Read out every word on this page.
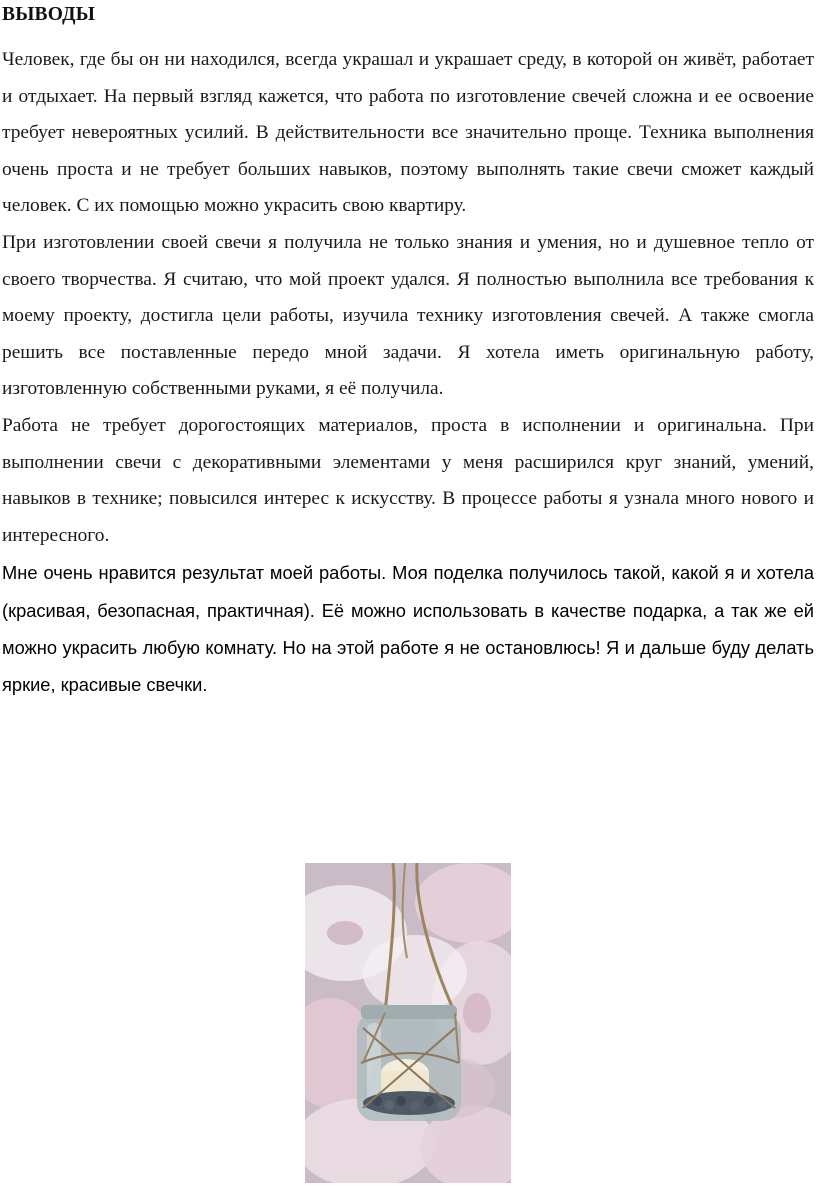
ВЫВОДЫ

Человек, где бы он ни находился, всегда украшал и украшает среду, в которой он живёт, работает и отдыхает. На первый взгляд кажется, что работа по изготовление свечей сложна и ее освоение требует невероятных усилий. В действительности все значительно проще. Техника выполнения очень проста и не требует больших навыков, поэтому выполнять такие свечи сможет каждый человек. С их помощью можно украсить свою квартиру.

При изготовлении своей свечи я получила не только знания и умения, но и душевное тепло от своего творчества. Я считаю, что мой проект удался. Я полностью выполнила все требования к моему проекту, достигла цели работы, изучила технику изготовления свечей. А также смогла решить все поставленные передо мной задачи. Я хотела иметь оригинальную работу, изготовленную собственными руками, я её получила.

Работа не требует дорогостоящих материалов, проста в исполнении и оригинальна. При выполнении свечи с декоративными элементами у меня расширился круг знаний, умений, навыков в технике; повысился интерес к искусству. В процессе работы я узнала много нового и интересного.

Мне очень нравится результат моей работы. Моя поделка получилось такой, какой я и хотела (красивая, безопасная, практичная). Её можно использовать в качестве подарка, а так же ей можно украсить любую комнату. Но на этой работе я не остановлюсь! Я и дальше буду делать яркие, красивые свечки.
